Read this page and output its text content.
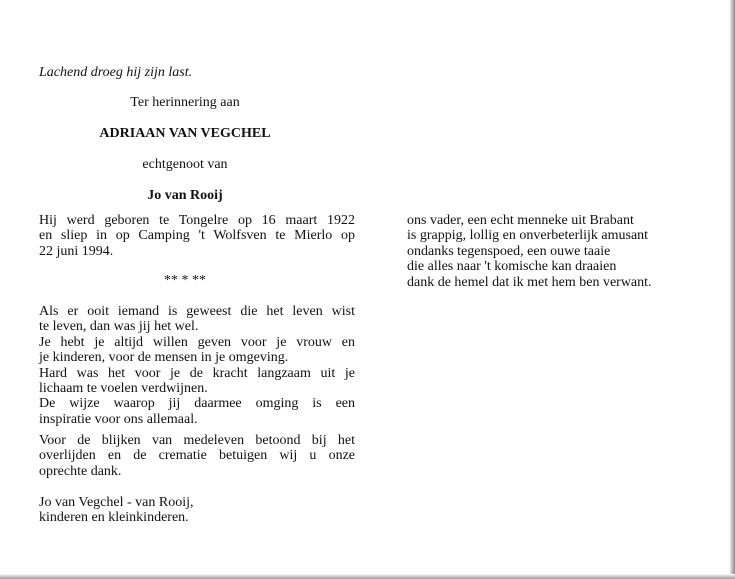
Lachend droeg hij zijn last.
Ter herinnering aan
ADRIAAN VAN VEGCHEL
echtgenoot van
Jo van Rooij
Hij werd geboren te Tongelre op 16 maart 1922
en sliep in op Camping 't Wolfsven te Mierlo op
22 juni 1994.
** * **
Als er ooit iemand is geweest die het leven wist
te leven, dan was jij het wel.
Je hebt je altijd willen geven voor je vrouw en
je kinderen, voor de mensen in je omgeving.
Hard was het voor je de kracht langzaam uit je
lichaam te voelen verdwijnen.
De wijze waarop jij daarmee omging is een
inspiratie voor ons allemaal.
Voor de blijken van medeleven betoond bij het
overlijden en de crematie betuigen wij u onze
oprechte dank.
Jo van Vegchel - van Rooij,
kinderen en kleinkinderen.
ons vader, een echt menneke uit Brabant
is grappig, lollig en onverbeterlijk amusant
ondanks tegenspoed, een ouwe taaie
die alles naar 't komische kan draaien
dank de hemel dat ik met hem ben verwant.
